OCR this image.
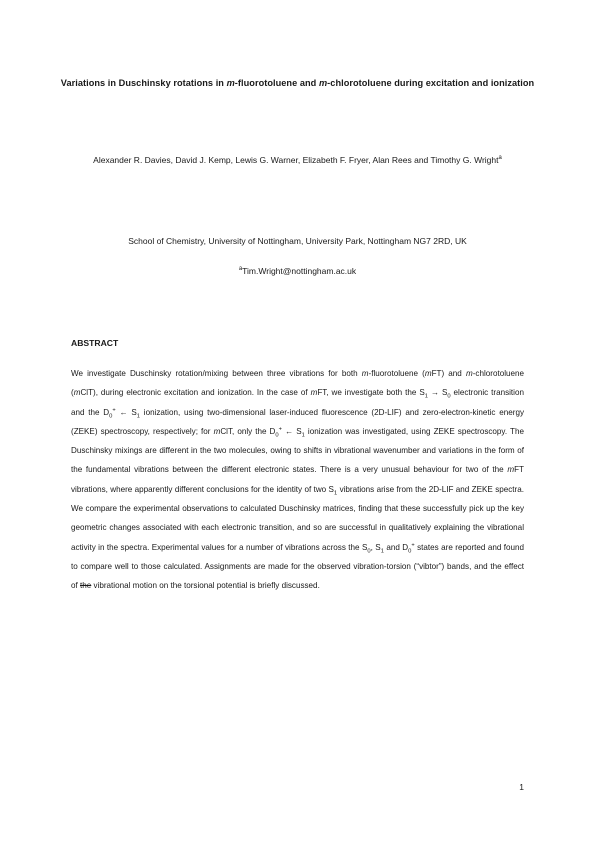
Variations in Duschinsky rotations in m-fluorotoluene and m-chlorotoluene during excitation and ionization
Alexander R. Davies, David J. Kemp, Lewis G. Warner, Elizabeth F. Fryer, Alan Rees and Timothy G. Wright$^a$
School of Chemistry, University of Nottingham, University Park, Nottingham NG7 2RD, UK
$^a$Tim.Wright@nottingham.ac.uk
ABSTRACT
We investigate Duschinsky rotation/mixing between three vibrations for both m-fluorotoluene (mFT) and m-chlorotoluene (mClT), during electronic excitation and ionization. In the case of mFT, we investigate both the $S_1 \to S_0$ electronic transition and the $D_0^+$ ← $S_1$ ionization, using two-dimensional laser-induced fluorescence (2D-LIF) and zero-electron-kinetic energy (ZEKE) spectroscopy, respectively; for mClT, only the $D_0^+$ ← $S_1$ ionization was investigated, using ZEKE spectroscopy. The Duschinsky mixings are different in the two molecules, owing to shifts in vibrational wavenumber and variations in the form of the fundamental vibrations between the different electronic states. There is a very unusual behaviour for two of the mFT vibrations, where apparently different conclusions for the identity of two $S_1$ vibrations arise from the 2D-LIF and ZEKE spectra. We compare the experimental observations to calculated Duschinsky matrices, finding that these successfully pick up the key geometric changes associated with each electronic transition, and so are successful in qualitatively explaining the vibrational activity in the spectra. Experimental values for a number of vibrations across the $S_0$, $S_1$ and $D_0^+$ states are reported and found to compare well to those calculated. Assignments are made for the observed vibration-torsion (“vibtor”) bands, and the effect of the vibrational motion on the torsional potential is briefly discussed.
1
